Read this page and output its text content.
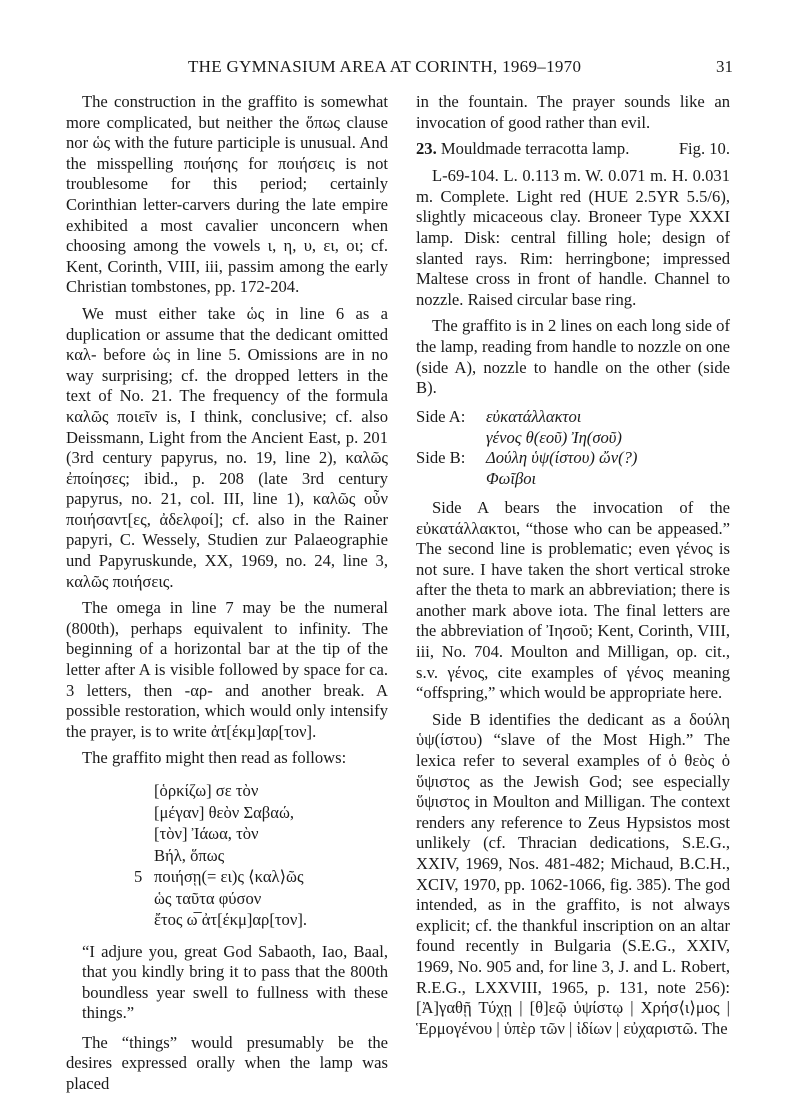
THE GYMNASIUM AREA AT CORINTH, 1969–1970	31

The construction in the graffito is somewhat more complicated, but neither the ὅπως clause nor ὡς with the future participle is unusual. And the misspelling ποιήσης for ποιήσεις is not troublesome for this period; certainly Corinthian letter-carvers during the late empire exhibited a most cavalier unconcern when choosing among the vowels ι, η, υ, ει, οι; cf. Kent, Corinth, VIII, iii, passim among the early Christian tombstones, pp. 172-204.

We must either take ὡς in line 6 as a duplication or assume that the dedicant omitted καλ- before ὡς in line 5. Omissions are in no way surprising; cf. the dropped letters in the text of No. 21. The frequency of the formula καλῶς ποιεῖν is, I think, conclusive; cf. also Deissmann, Light from the Ancient East, p. 201 (3rd century papyrus, no. 19, line 2), καλῶς ἐποίησες; ibid., p. 208 (late 3rd century papyrus, no. 21, col. III, line 1), καλῶς οὖν ποιήσαντ[ες, ἀδελφοί]; cf. also in the Rainer papyri, C. Wessely, Studien zur Palaeographie und Papyruskunde, XX, 1969, no. 24, line 3, καλῶς ποιήσεις.

The omega in line 7 may be the numeral (800th), perhaps equivalent to infinity. The beginning of a horizontal bar at the tip of the letter after A is visible followed by space for ca. 3 letters, then -αρ- and another break. A possible restoration, which would only intensify the prayer, is to write ἀτ[έκμ]αρ[τον].

The graffito might then read as follows:

[ὁρκίζω] σε τὸν
[μέγαν] θεὸν Σαβαώ,
[τὸν] Ἰάωα, τὸν
Βήλ, ὅπως
5 ποιήσῃ(= ει)ς ⟨καλ⟩ῶς
ὡς ταῦτα φύσον
ἔτος ω̅ ἀτ[έκμ]αρ[τον].

“I adjure you, great God Sabaoth, Iao, Baal, that you kindly bring it to pass that the 800th boundless year swell to fullness with these things.”

The “things” would presumably be the desires expressed orally when the lamp was placed

in the fountain. The prayer sounds like an invocation of good rather than evil.

23. Mouldmade terracotta lamp.	Fig. 10.

L-69-104. L. 0.113 m. W. 0.071 m. H. 0.031 m. Complete. Light red (HUE 2.5YR 5.5/6), slightly micaceous clay. Broneer Type XXXI lamp. Disk: central filling hole; design of slanted rays. Rim: herringbone; impressed Maltese cross in front of handle. Channel to nozzle. Raised circular base ring.

The graffito is in 2 lines on each long side of the lamp, reading from handle to nozzle on one (side A), nozzle to handle on the other (side B).

Side A: εὐκατάλλακτοι
γένος θ(εοῦ) Ἰη(σοῦ)
Side B: Δούλη ὑψ(ίστου) ὤν(?)
Φωῖβοι

Side A bears the invocation of the εὐκατάλλακτοι, “those who can be appeased.” The second line is problematic; even γένος is not sure. I have taken the short vertical stroke after the theta to mark an abbreviation; there is another mark above iota. The final letters are the abbreviation of Ἰησοῦ; Kent, Corinth, VIII, iii, No. 704. Moulton and Milligan, op. cit., s.v. γένος, cite examples of γένος meaning “offspring,” which would be appropriate here.

Side B identifies the dedicant as a δούλη ὑψ(ίστου) “slave of the Most High.” The lexica refer to several examples of ὁ θεὸς ὁ ὕψιστος as the Jewish God; see especially ὕψιστος in Moulton and Milligan. The context renders any reference to Zeus Hypsistos most unlikely (cf. Thracian dedications, S.E.G., XXIV, 1969, Nos. 481-482; Michaud, B.C.H., XCIV, 1970, pp. 1062-1066, fig. 385). The god intended, as in the graffito, is not always explicit; cf. the thankful inscription on an altar found recently in Bulgaria (S.E.G., XXIV, 1969, No. 905 and, for line 3, J. and L. Robert, R.E.G., LXXVIII, 1965, p. 131, note 256): [Ἀ]γαθῇ Τύχῃ | [θ]εῷ ὑψίστῳ | Χρήσ⟨ι⟩μος | Ἑρμογένου | ὑπὲρ τῶν | ἰδίων | εὐχαριστῶ. The
